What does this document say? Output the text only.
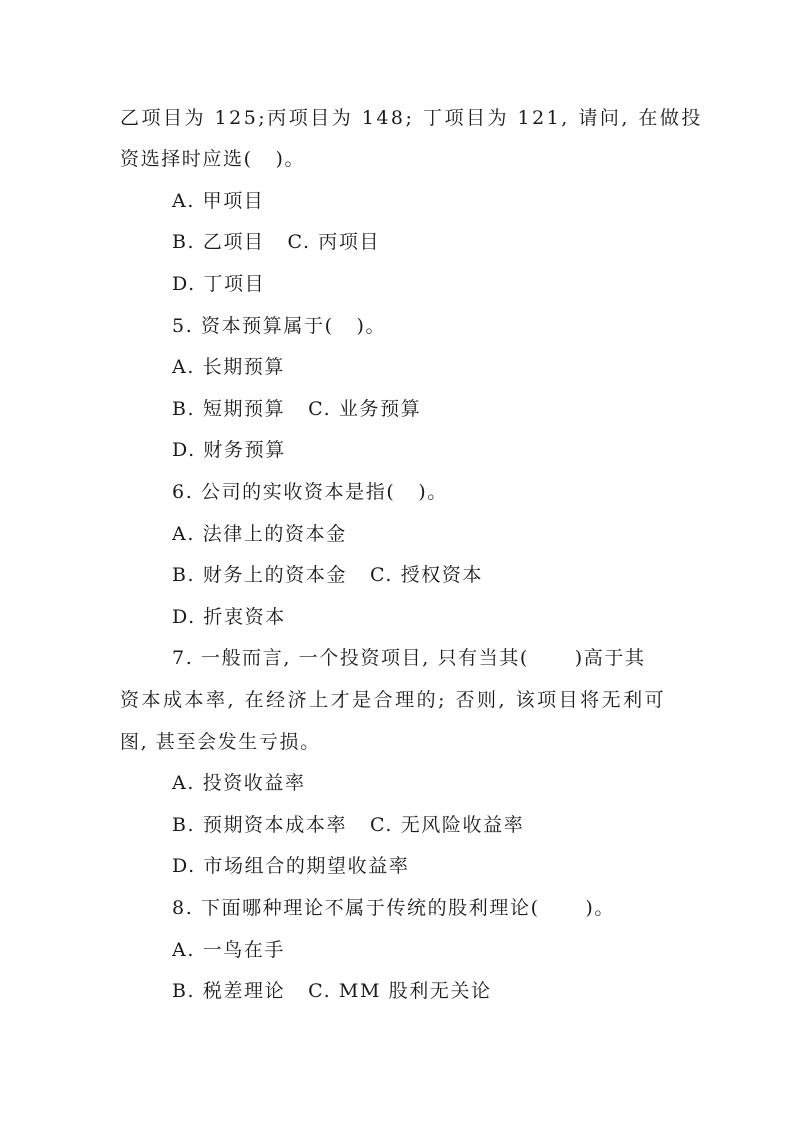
乙项目为 125;丙项目为 148; 丁项目为 121, 请问, 在做投
资选择时应选(   )。
A. 甲项目
B. 乙项目   C. 丙项目
D. 丁项目
5. 资本预算属于(   )。
A. 长期预算
B. 短期预算   C. 业务预算
D. 财务预算
6. 公司的实收资本是指(   )。
A. 法律上的资本金
B. 财务上的资本金   C. 授权资本
D. 折衷资本
7. 一般而言, 一个投资项目, 只有当其(      )高于其
资本成本率, 在经济上才是合理的; 否则, 该项目将无利可
图, 甚至会发生亏损。
A. 投资收益率
B. 预期资本成本率   C. 无风险收益率
D. 市场组合的期望收益率
8. 下面哪种理论不属于传统的股利理论(      )。
A. 一鸟在手
B. 税差理论   C. MM 股利无关论
